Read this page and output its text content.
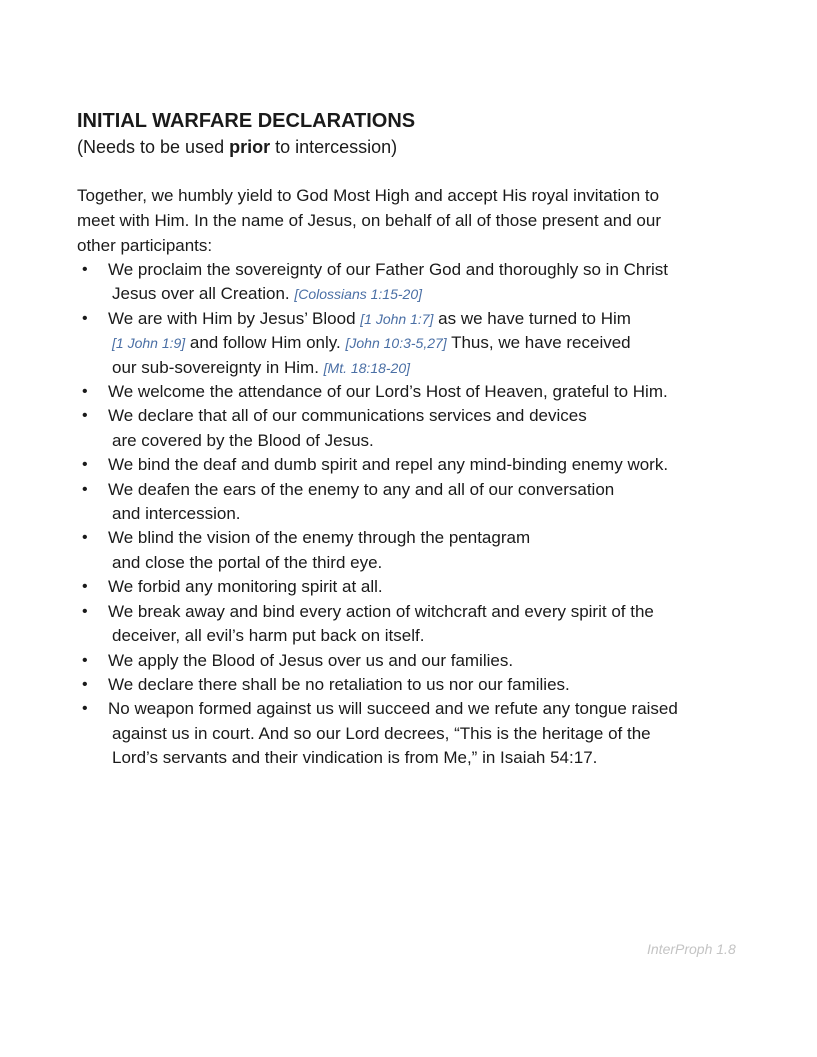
INITIAL WARFARE DECLARATIONS

(Needs to be used prior to intercession)

Together, we humbly yield to God Most High and accept His royal invitation to
meet with Him. In the name of Jesus, on behalf of all of those present and our
other participants:

• We proclaim the sovereignty of our Father God and thoroughly so in Christ
Jesus over all Creation. [Colossians 1:15-20]
• We are with Him by Jesus’ Blood [1 John 1:7] as we have turned to Him
[1 John 1:9] and follow Him only. [John 10:3-5,27] Thus, we have received
our sub-sovereignty in Him. [Mt. 18:18-20]
• We welcome the attendance of our Lord’s Host of Heaven, grateful to Him.
• We declare that all of our communications services and devices
are covered by the Blood of Jesus.
• We bind the deaf and dumb spirit and repel any mind-binding enemy work.
• We deafen the ears of the enemy to any and all of our conversation
and intercession.
• We blind the vision of the enemy through the pentagram
and close the portal of the third eye.
• We forbid any monitoring spirit at all.
• We break away and bind every action of witchcraft and every spirit of the
deceiver, all evil’s harm put back on itself.
• We apply the Blood of Jesus over us and our families.
• We declare there shall be no retaliation to us nor our families.
• No weapon formed against us will succeed and we refute any tongue raised
against us in court. And so our Lord decrees, “This is the heritage of the
Lord’s servants and their vindication is from Me,” in Isaiah 54:17.
InterProph 1.8
